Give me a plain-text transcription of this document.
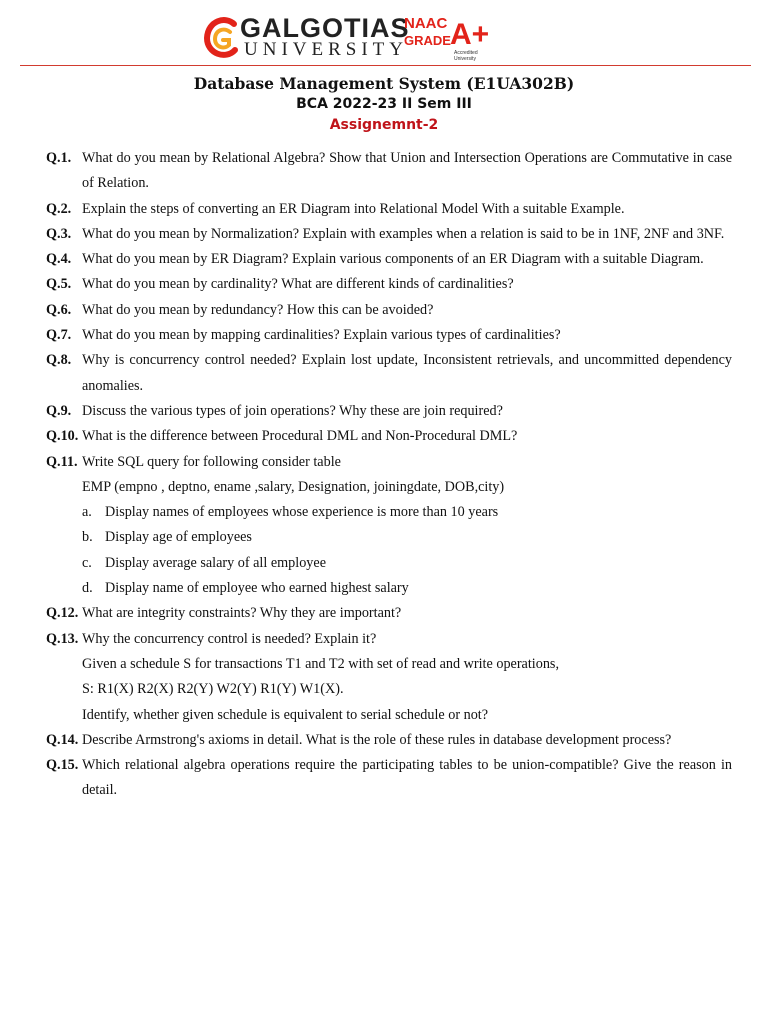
GALGOTIAS
UNIVERSITY
NAAC
GRADE A+
Accredited University
Database Management System (E1UA302B)
BCA 2022-23 II Sem III
Assignemnt-2
Q.1. What do you mean by Relational Algebra? Show that Union and Intersection Operations are Commutative in case of Relation.
Q.2. Explain the steps of converting an ER Diagram into Relational Model With a suitable Example.
Q.3. What do you mean by Normalization? Explain with examples when a relation is said to be in 1NF, 2NF and 3NF.
Q.4. What do you mean by ER Diagram? Explain various components of an ER Diagram with a suitable Diagram.
Q.5. What do you mean by cardinality? What are different kinds of cardinalities?
Q.6. What do you mean by redundancy? How this can be avoided?
Q.7. What do you mean by mapping cardinalities? Explain various types of cardinalities?
Q.8. Why is concurrency control needed? Explain lost update, Inconsistent retrievals, and uncommitted dependency anomalies.
Q.9. Discuss the various types of join operations? Why these are join required?
Q.10. What is the difference between Procedural DML and Non-Procedural DML?
Q.11. Write SQL query for following consider table
EMP (empno , deptno, ename ,salary, Designation, joiningdate, DOB,city)
a. Display names of employees whose experience is more than 10 years
b. Display age of employees
c. Display average salary of all employee
d. Display name of employee who earned highest salary
Q.12. What are integrity constraints? Why they are important?
Q.13. Why the concurrency control is needed? Explain it?
Given a schedule S for transactions T1 and T2 with set of read and write operations,
S: R1(X) R2(X) R2(Y) W2(Y) R1(Y) W1(X).
Identify, whether given schedule is equivalent to serial schedule or not?
Q.14. Describe Armstrong's axioms in detail. What is the role of these rules in database development process?
Q.15. Which relational algebra operations require the participating tables to be union-compatible? Give the reason in detail.
